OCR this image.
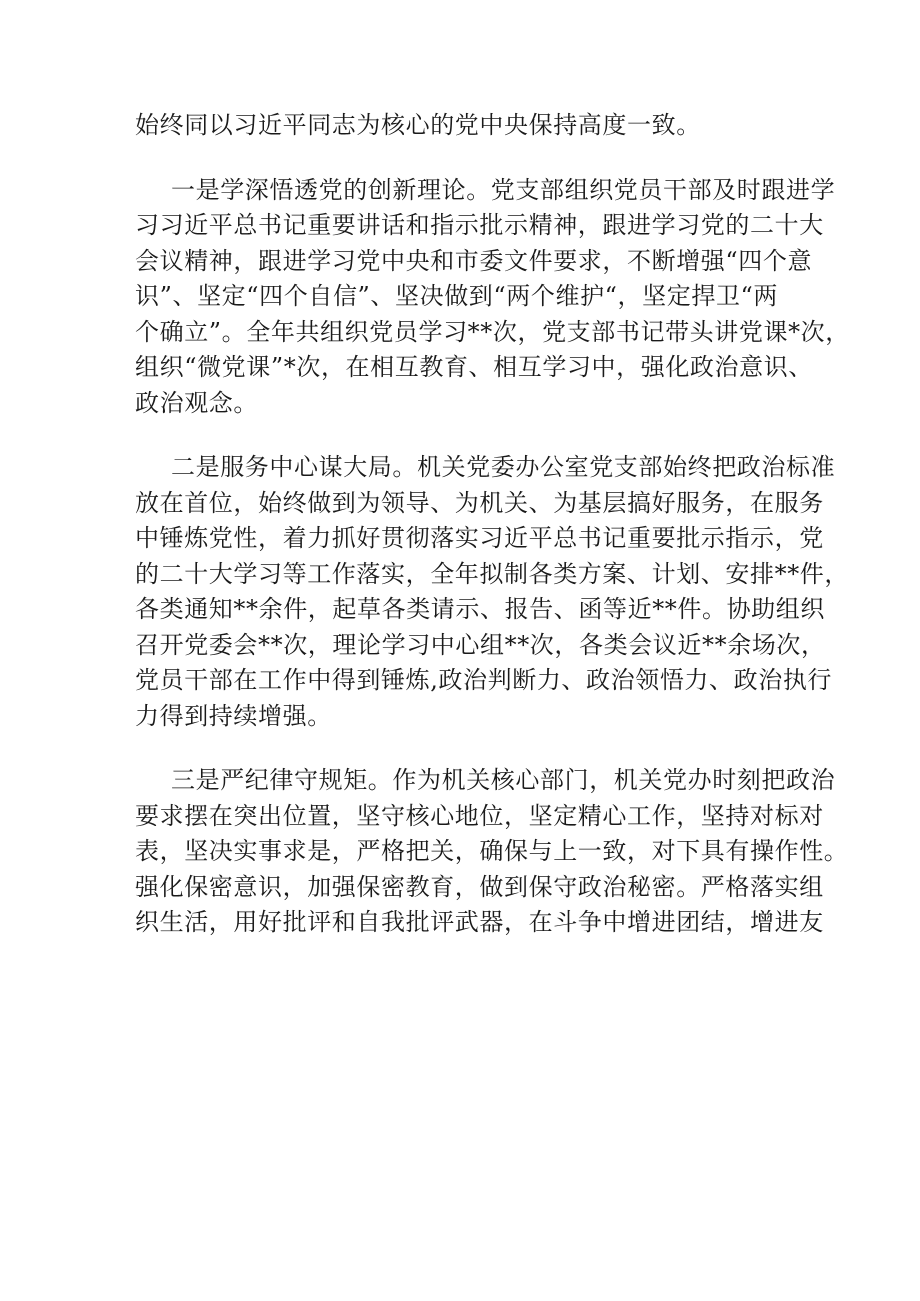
始终同以习近平同志为核心的党中央保持高度一致。
一是学深悟透党的创新理论。党支部组织党员干部及时跟进学
习习近平总书记重要讲话和指示批示精神，跟进学习党的二十大
会议精神，跟进学习党中央和市委文件要求，不断增强“四个意
识”、坚定“四个自信”、坚决做到“两个维护“，坚定捍卫“两
个确立”。全年共组织党员学习**次，党支部书记带头讲党课*次，
组织“微党课”*次，在相互教育、相互学习中，强化政治意识、
政治观念。
二是服务中心谋大局。机关党委办公室党支部始终把政治标准
放在首位，始终做到为领导、为机关、为基层搞好服务，在服务
中锤炼党性，着力抓好贯彻落实习近平总书记重要批示指示，党
的二十大学习等工作落实，全年拟制各类方案、计划、安排**件，
各类通知**余件，起草各类请示、报告、函等近**件。协助组织
召开党委会**次，理论学习中心组**次，各类会议近**余场次，
党员干部在工作中得到锤炼,政治判断力、政治领悟力、政治执行
力得到持续增强。
三是严纪律守规矩。作为机关核心部门，机关党办时刻把政治
要求摆在突出位置，坚守核心地位，坚定精心工作，坚持对标对
表，坚决实事求是，严格把关，确保与上一致，对下具有操作性。
强化保密意识，加强保密教育，做到保守政治秘密。严格落实组
织生活，用好批评和自我批评武器，在斗争中增进团结，增进友
